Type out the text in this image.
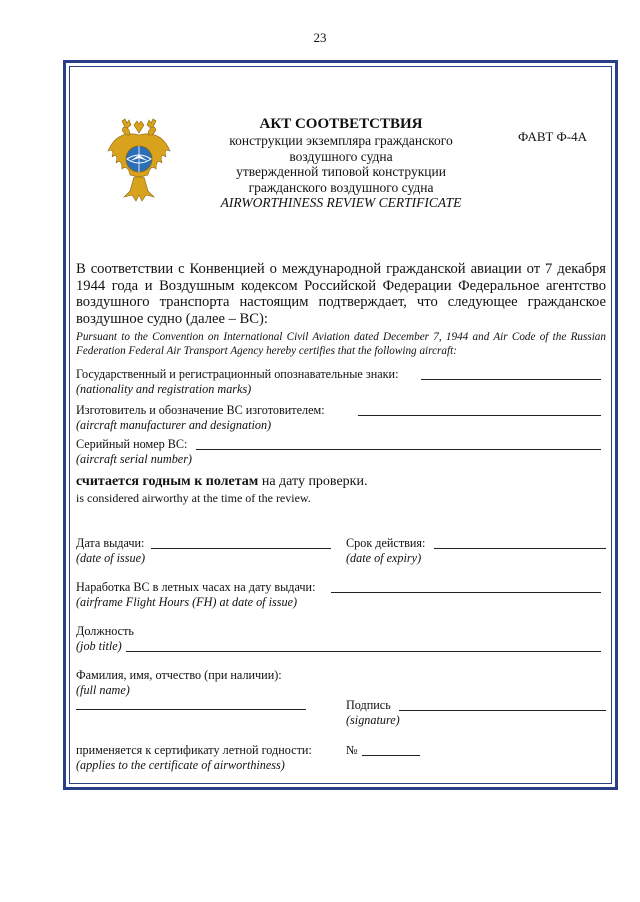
23
АКТ СООТВЕТСТВИЯ
конструкции экземпляра гражданского
воздушного судна
утвержденной типовой конструкции
гражданского воздушного судна
AIRWORTHINESS REVIEW CERTIFICATE
ФАВТ Ф-4А
В соответствии с Конвенцией о международной гражданской авиации от 7 декабря 1944 года и Воздушным кодексом Российской Федерации Федеральное агентство воздушного транспорта настоящим подтверждает, что следующее гражданское воздушное судно (далее – ВС):
Pursuant to the Convention on International Civil Aviation dated December 7, 1944 and Air Code of the Russian Federation Federal Air Transport Agency hereby certifies that the following aircraft:
Государственный и регистрационный опознавательные знаки:
(nationality and registration marks)
Изготовитель и обозначение ВС изготовителем:
(aircraft manufacturer and designation)
Серийный номер ВС:
(aircraft serial number)
считается годным к полетам на дату проверки.
is considered airworthy at the time of the review.
Дата выдачи:
(date of issue)
Срок действия:
(date of expiry)
Наработка ВС в летных часах на дату выдачи:
(airframe Flight Hours (FH) at date of issue)
Должность
(job title)
Фамилия, имя, отчество (при наличии):
(full name)
Подпись
(signature)
применяется к сертификату летной годности:
(applies to the certificate of airworthiness)
№
